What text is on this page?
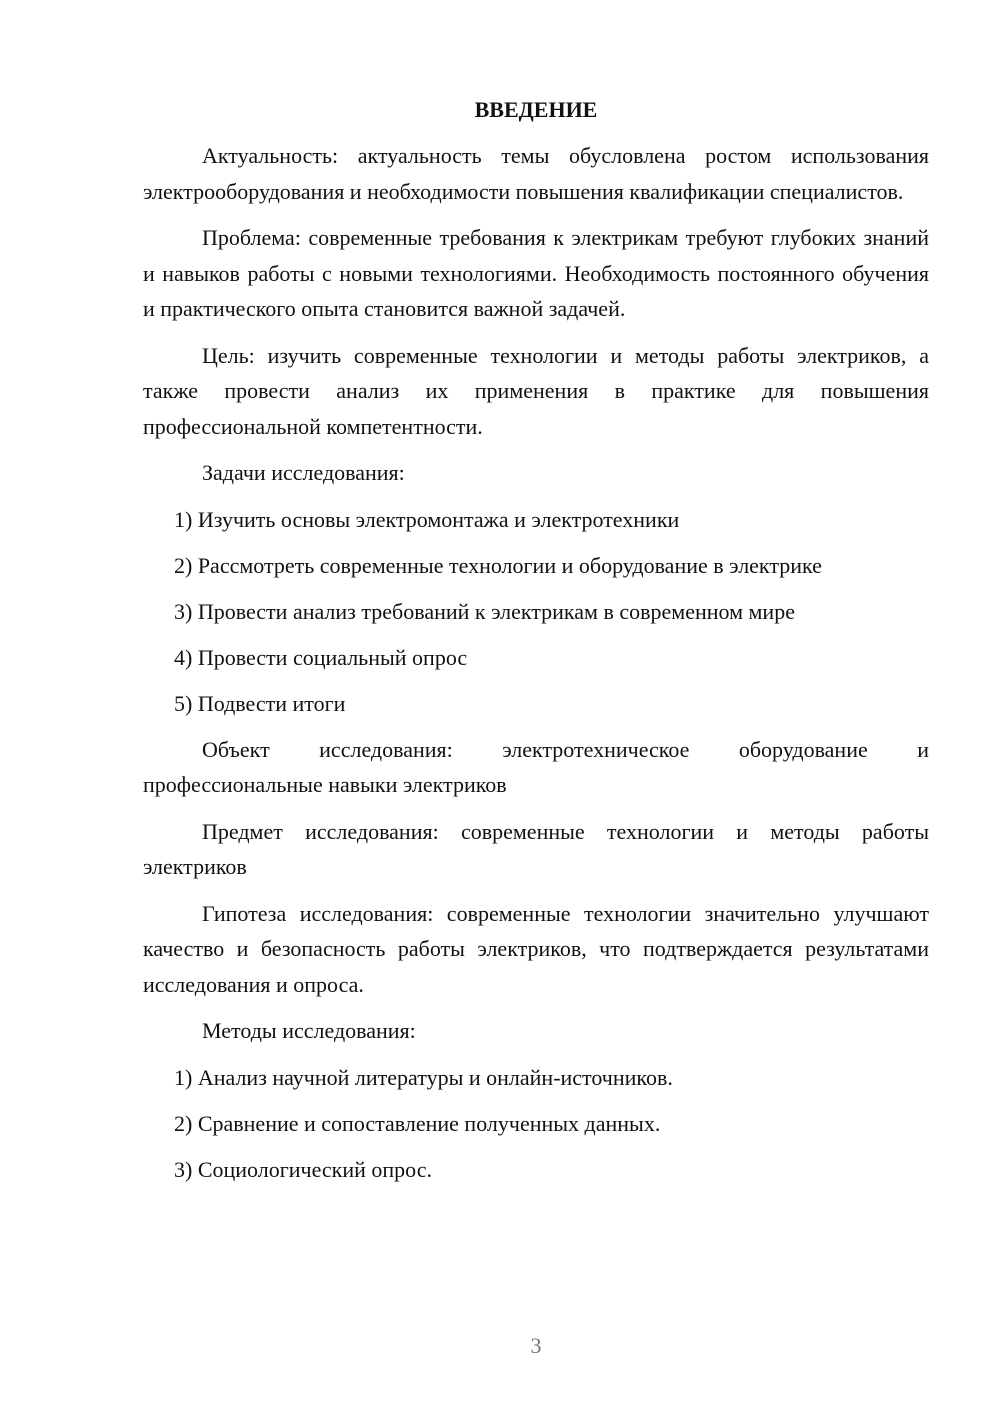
ВВЕДЕНИЕ

Актуальность: актуальность темы обусловлена ростом использования электрооборудования и необходимости повышения квалификации специалистов.

Проблема: современные требования к электрикам требуют глубоких знаний и навыков работы с новыми технологиями. Необходимость постоянного обучения и практического опыта становится важной задачей.

Цель: изучить современные технологии и методы работы электриков, а также провести анализ их применения в практике для повышения профессиональной компетентности.

Задачи исследования:

1) Изучить основы электромонтажа и электротехники
2) Рассмотреть современные технологии и оборудование в электрике
3) Провести анализ требований к электрикам в современном мире
4) Провести социальный опрос
5) Подвести итоги

Объект исследования: электротехническое оборудование и профессиональные навыки электриков

Предмет исследования: современные технологии и методы работы электриков

Гипотеза исследования: современные технологии значительно улучшают качество и безопасность работы электриков, что подтверждается результатами исследования и опроса.

Методы исследования:

1) Анализ научной литературы и онлайн-источников.
2) Сравнение и сопоставление полученных данных.
3) Социологический опрос.
3
